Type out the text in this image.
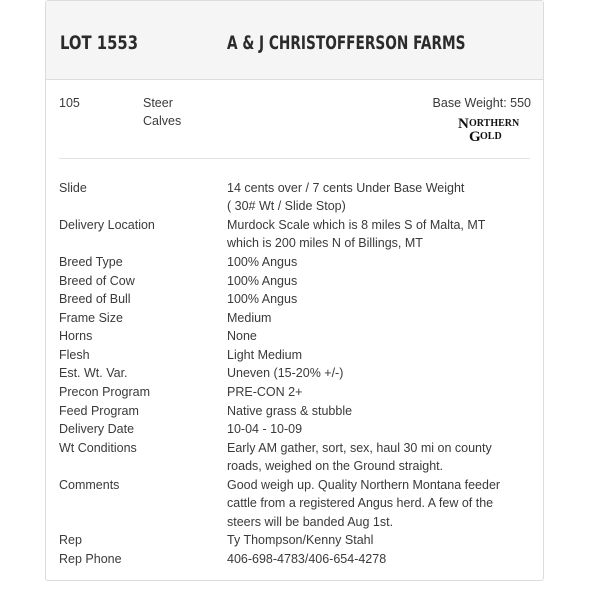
LOT 1553	A & J CHRISTOFFERSON FARMS
105	Steer
Calves
Base Weight: 550
N ORTHERN
G OLD
Slide	14 cents over / 7 cents Under Base Weight
( 30# Wt / Slide Stop)
Delivery Location	Murdock Scale which is 8 miles S of Malta, MT
which is 200 miles N of Billings, MT
Breed Type	100% Angus
Breed of Cow	100% Angus
Breed of Bull	100% Angus
Frame Size	Medium
Horns	None
Flesh	Light Medium
Est. Wt. Var.	Uneven (15-20% +/-)
Precon Program	PRE-CON 2+
Feed Program	Native grass & stubble
Delivery Date	10-04 - 10-09
Wt Conditions	Early AM gather, sort, sex, haul 30 mi on county
roads, weighed on the Ground straight.
Comments	Good weigh up. Quality Northern Montana feeder
cattle from a registered Angus herd. A few of the
steers will be banded Aug 1st.
Rep	Ty Thompson/Kenny Stahl
Rep Phone	406-698-4783/406-654-4278
